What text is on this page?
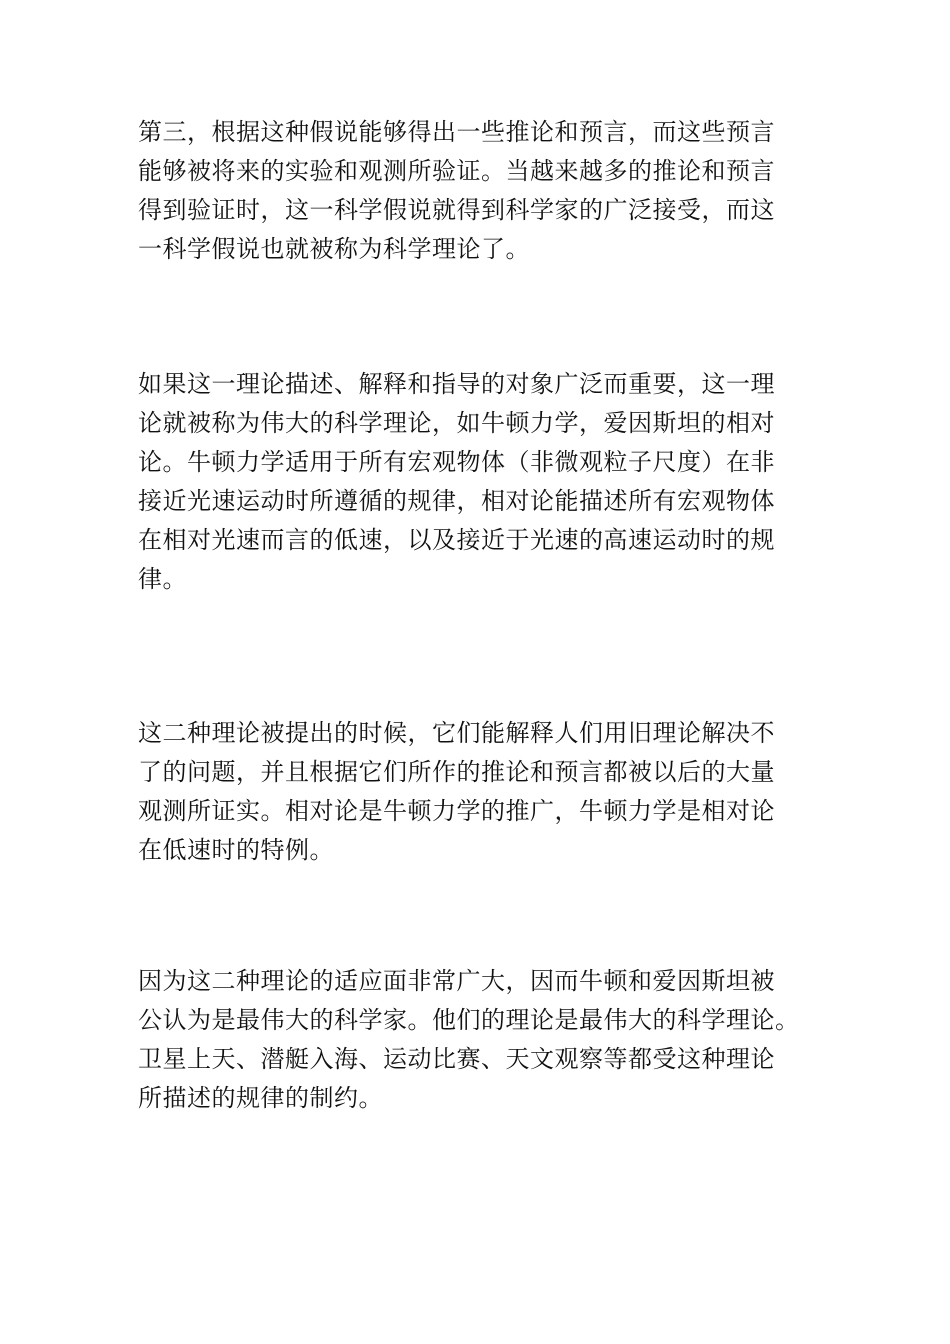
第三，根据这种假说能够得出一些推论和预言，而这些预言
能够被将来的实验和观测所验证。当越来越多的推论和预言
得到验证时，这一科学假说就得到科学家的广泛接受，而这
一科学假说也就被称为科学理论了。

如果这一理论描述、解释和指导的对象广泛而重要，这一理
论就被称为伟大的科学理论，如牛顿力学，爱因斯坦的相对
论。牛顿力学适用于所有宏观物体（非微观粒子尺度）在非
接近光速运动时所遵循的规律，相对论能描述所有宏观物体
在相对光速而言的低速，以及接近于光速的高速运动时的规
律。

这二种理论被提出的时候，它们能解释人们用旧理论解决不
了的问题，并且根据它们所作的推论和预言都被以后的大量
观测所证实。相对论是牛顿力学的推广，牛顿力学是相对论
在低速时的特例。

因为这二种理论的适应面非常广大，因而牛顿和爱因斯坦被
公认为是最伟大的科学家。他们的理论是最伟大的科学理论。
卫星上天、潜艇入海、运动比赛、天文观察等都受这种理论
所描述的规律的制约。
